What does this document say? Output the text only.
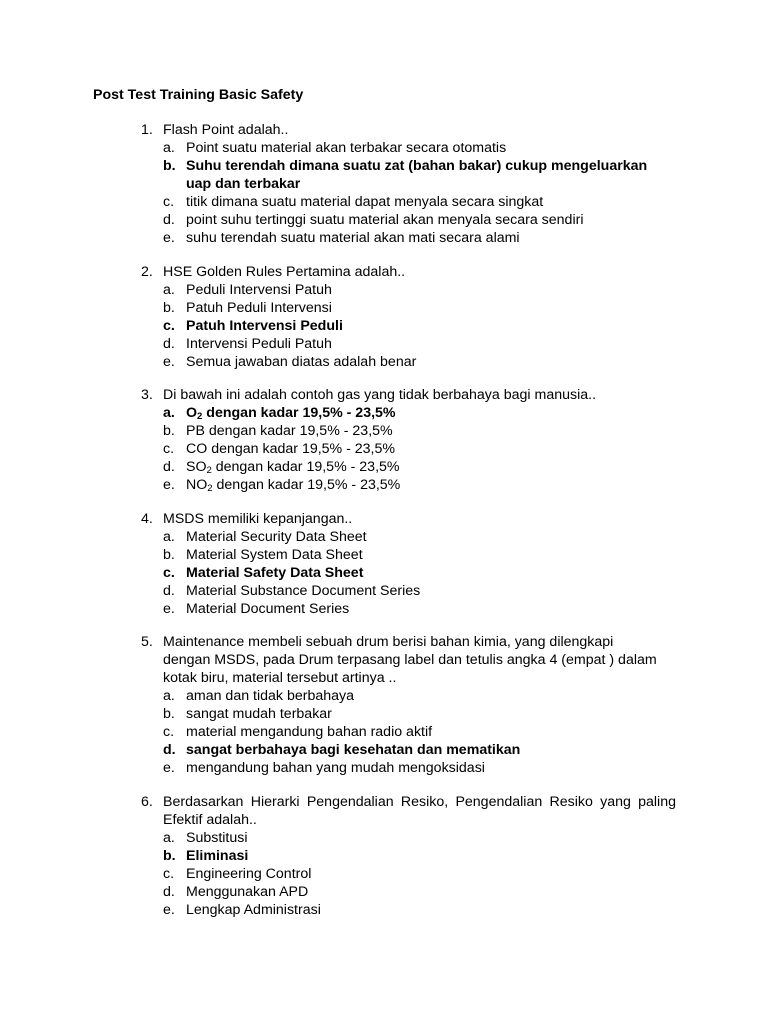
Post Test Training Basic Safety
1. Flash Point adalah..
a. Point suatu material akan terbakar secara otomatis
b. Suhu terendah dimana suatu zat (bahan bakar) cukup mengeluarkan uap dan terbakar
c. titik dimana suatu material dapat menyala secara singkat
d. point suhu tertinggi suatu material akan menyala secara sendiri
e. suhu terendah suatu material akan mati secara alami
2. HSE Golden Rules Pertamina adalah..
a. Peduli Intervensi Patuh
b. Patuh Peduli Intervensi
c. Patuh Intervensi Peduli
d. Intervensi Peduli Patuh
e. Semua jawaban diatas adalah benar
3. Di bawah ini adalah contoh gas yang tidak berbahaya bagi manusia..
a. $O_2$ dengan kadar 19,5% - 23,5%
b. PB dengan kadar 19,5% - 23,5%
c. CO dengan kadar 19,5% - 23,5%
d. $SO_2$ dengan kadar 19,5% - 23,5%
e. $NO_2$ dengan kadar 19,5% - 23,5%
4. MSDS memiliki kepanjangan..
a. Material Security Data Sheet
b. Material System Data Sheet
c. Material Safety Data Sheet
d. Material Substance Document Series
e. Material Document Series
5. Maintenance membeli sebuah drum berisi bahan kimia, yang dilengkapi dengan MSDS, pada Drum terpasang label dan tetulis angka 4 (empat ) dalam kotak biru, material tersebut artinya ..
a. aman dan tidak berbahaya
b. sangat mudah terbakar
c. material mengandung bahan radio aktif
d. sangat berbahaya bagi kesehatan dan mematikan
e. mengandung bahan yang mudah mengoksidasi
6. Berdasarkan Hierarki Pengendalian Resiko, Pengendalian Resiko yang paling Efektif adalah..
a. Substitusi
b. Eliminasi
c. Engineering Control
d. Menggunakan APD
e. Lengkap Administrasi
